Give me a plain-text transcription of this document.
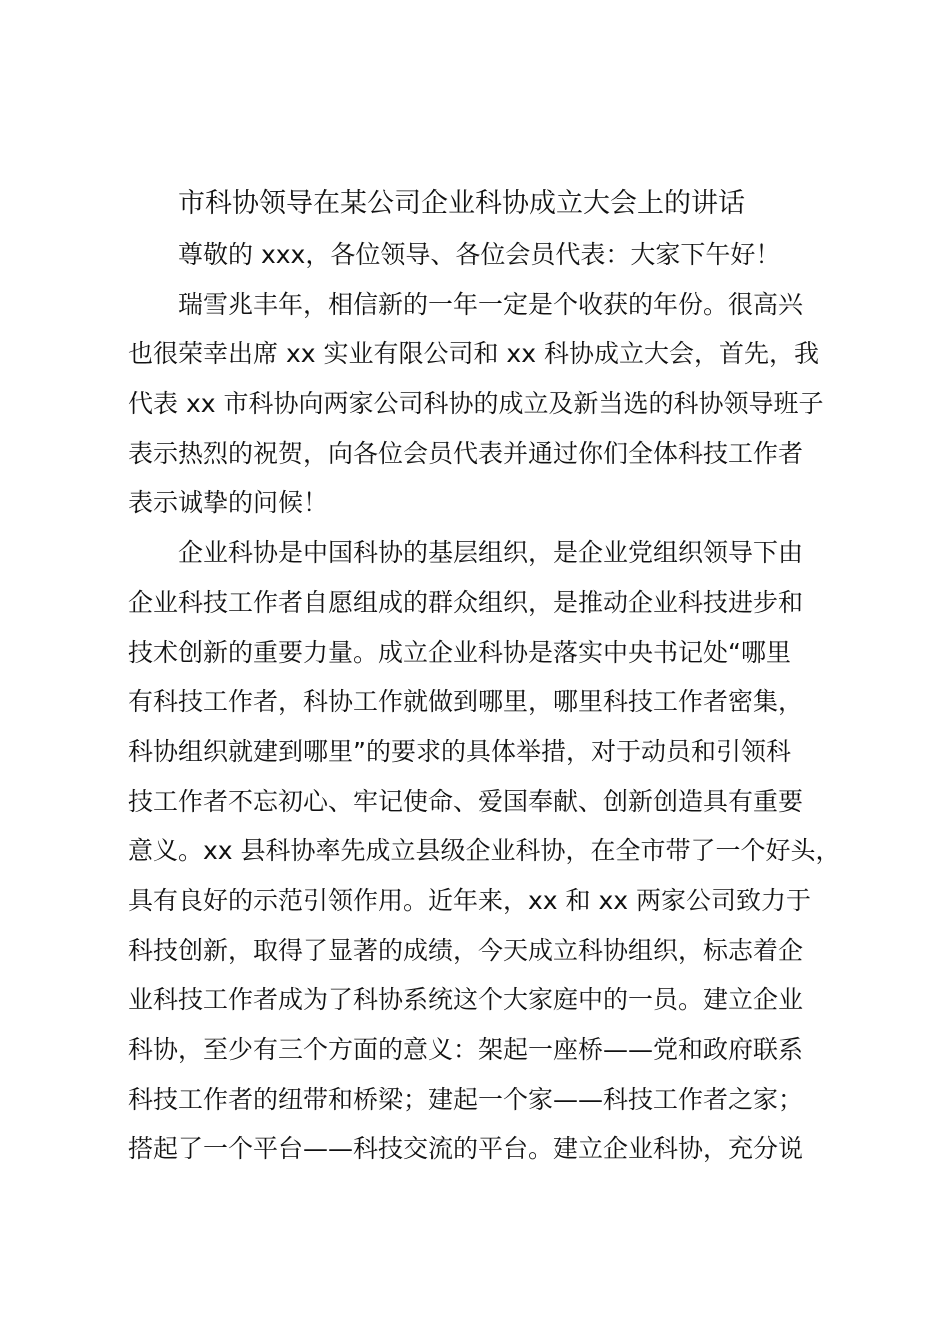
市科协领导在某公司企业科协成立大会上的讲话
尊敬的 xxx，各位领导、各位会员代表：大家下午好！
瑞雪兆丰年，相信新的一年一定是个收获的年份。很高兴
也很荣幸出席 xx 实业有限公司和 xx 科协成立大会，首先，我
代表 xx 市科协向两家公司科协的成立及新当选的科协领导班子
表示热烈的祝贺，向各位会员代表并通过你们全体科技工作者
表示诚挚的问候！
企业科协是中国科协的基层组织，是企业党组织领导下由
企业科技工作者自愿组成的群众组织，是推动企业科技进步和
技术创新的重要力量。成立企业科协是落实中央书记处“哪里
有科技工作者，科协工作就做到哪里，哪里科技工作者密集，
科协组织就建到哪里”的要求的具体举措，对于动员和引领科
技工作者不忘初心、牢记使命、爱国奉献、创新创造具有重要
意义。xx 县科协率先成立县级企业科协，在全市带了一个好头，
具有良好的示范引领作用。近年来，xx 和 xx 两家公司致力于
科技创新，取得了显著的成绩，今天成立科协组织，标志着企
业科技工作者成为了科协系统这个大家庭中的一员。建立企业
科协，至少有三个方面的意义：架起一座桥——党和政府联系
科技工作者的纽带和桥梁；建起一个家——科技工作者之家；
搭起了一个平台——科技交流的平台。建立企业科协，充分说
